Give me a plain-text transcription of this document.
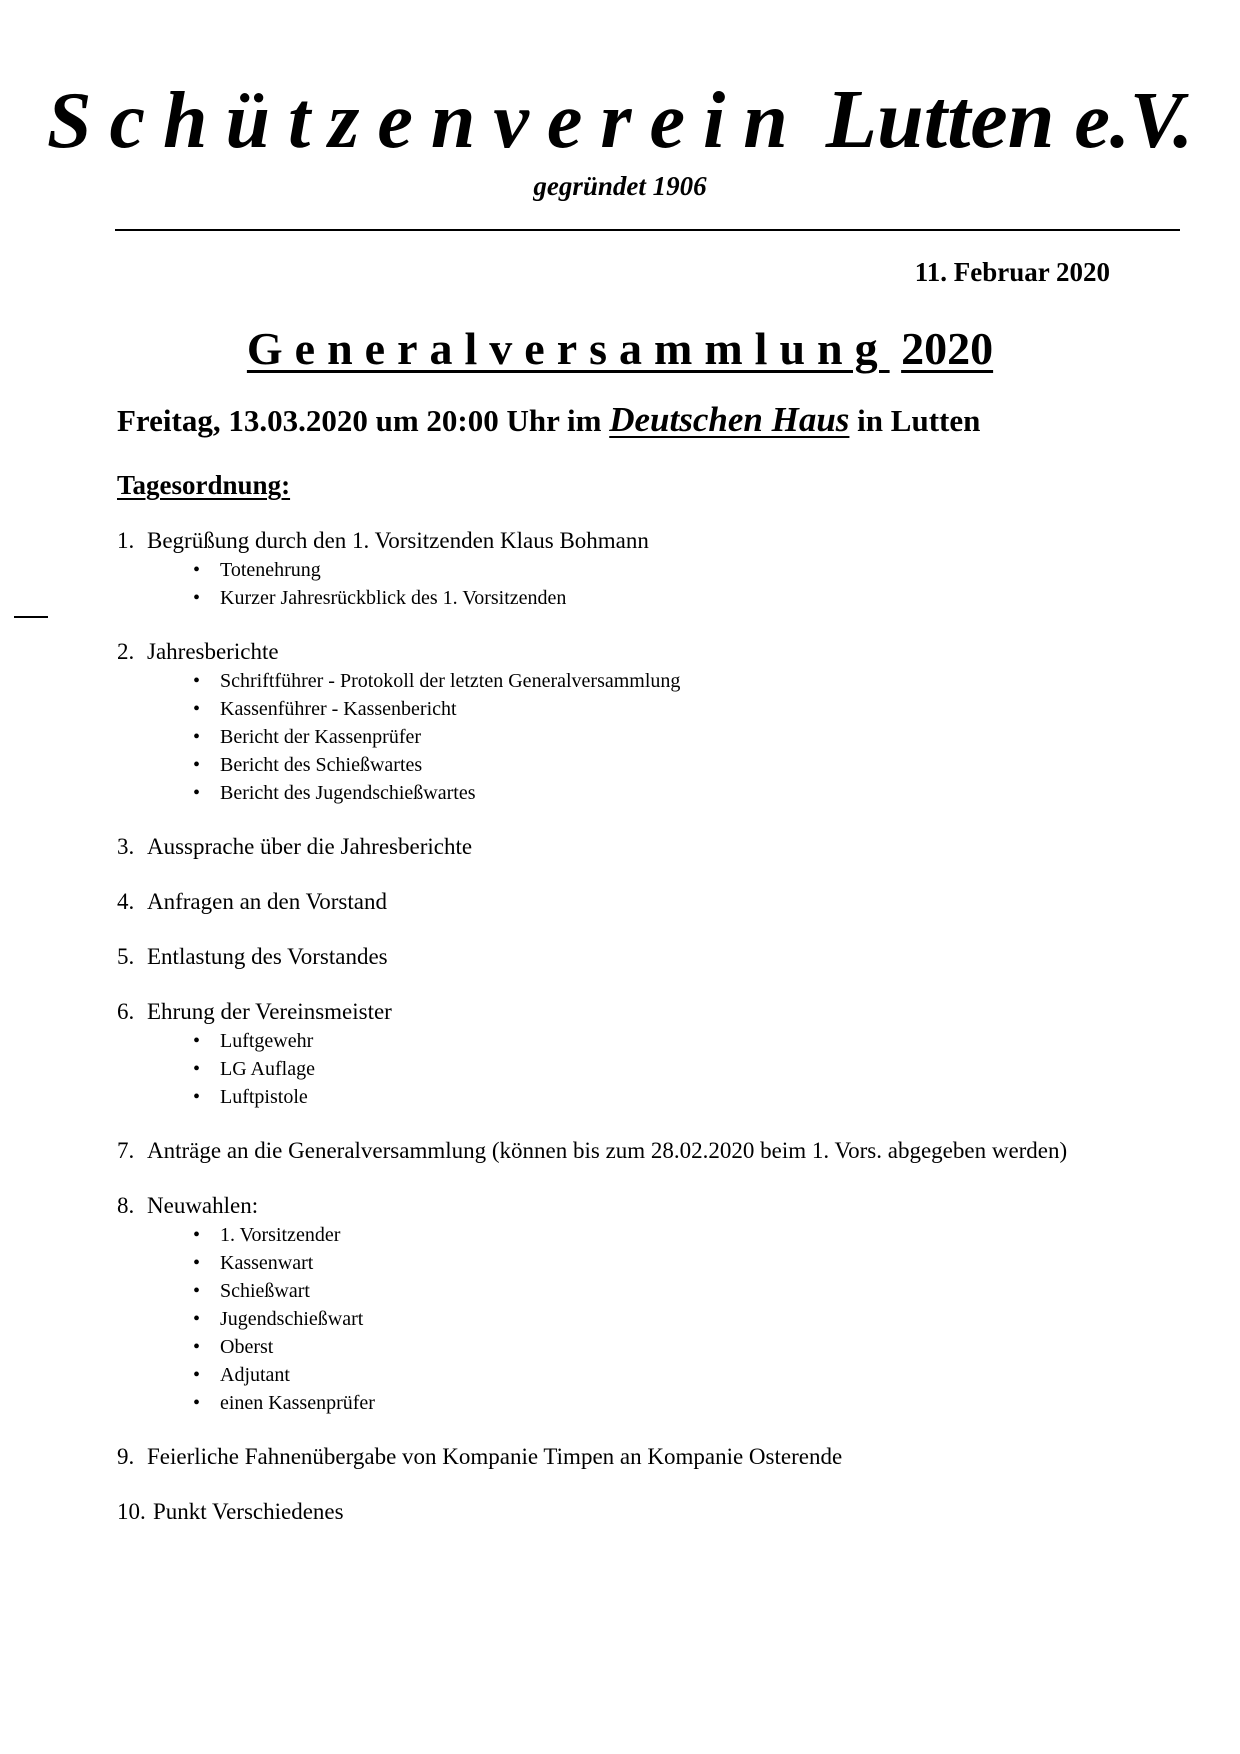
Schützenverein Lutten e.V.
gegründet 1906
11. Februar 2020
Generalversammlung 2020
Freitag, 13.03.2020 um 20:00 Uhr im Deutschen Haus in Lutten
Tagesordnung:
1. Begrüßung durch den 1. Vorsitzenden Klaus Bohmann
• Totenehrung
• Kurzer Jahresrückblick des 1. Vorsitzenden
2. Jahresberichte
• Schriftführer - Protokoll der letzten Generalversammlung
• Kassenführer - Kassenbericht
• Bericht der Kassenprüfer
• Bericht des Schießwartes
• Bericht des Jugendschießwartes
3. Aussprache über die Jahresberichte
4. Anfragen an den Vorstand
5. Entlastung des Vorstandes
6. Ehrung der Vereinsmeister
• Luftgewehr
• LG Auflage
• Luftpistole
7. Anträge an die Generalversammlung (können bis zum 28.02.2020 beim 1. Vors. abgegeben werden)
8. Neuwahlen:
• 1. Vorsitzender
• Kassenwart
• Schießwart
• Jugendschießwart
• Oberst
• Adjutant
• einen Kassenprüfer
9. Feierliche Fahnenübergabe von Kompanie Timpen an Kompanie Osterende
10. Punkt Verschiedenes
